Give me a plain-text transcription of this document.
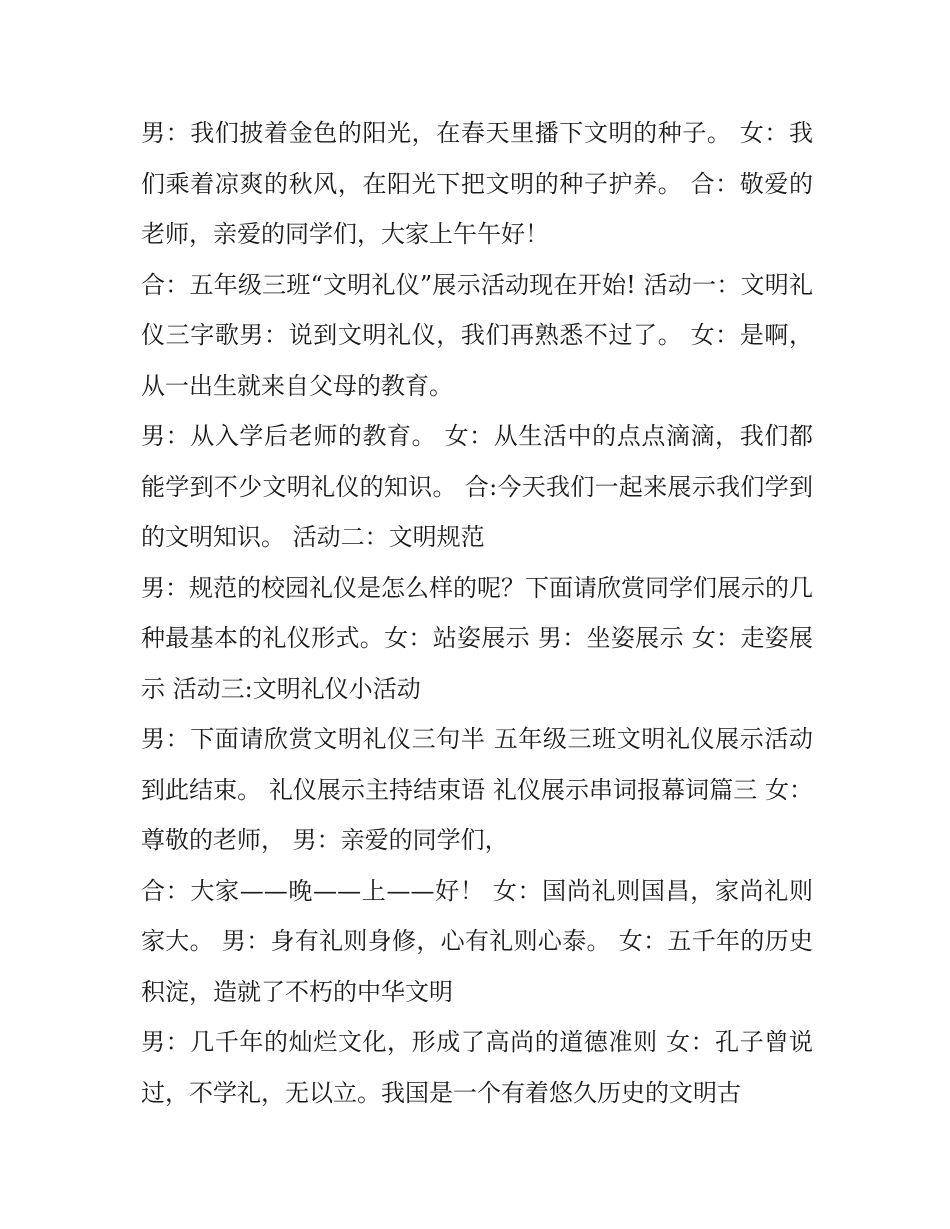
男：我们披着金色的阳光，在春天里播下文明的种子。 女：我们乘着凉爽的秋风，在阳光下把文明的种子护养。 合：敬爱的老师，亲爱的同学们，大家上午午好！

合：五年级三班“文明礼仪”展示活动现在开始! 活动一：文明礼仪三字歌男：说到文明礼仪，我们再熟悉不过了。 女：是啊，从一出生就来自父母的教育。

男：从入学后老师的教育。 女：从生活中的点点滴滴，我们都能学到不少文明礼仪的知识。 合:今天我们一起来展示我们学到的文明知识。 活动二：文明规范

男：规范的校园礼仪是怎么样的呢？下面请欣赏同学们展示的几种最基本的礼仪形式。女：站姿展示 男：坐姿展示 女：走姿展示 活动三:文明礼仪小活动

男：下面请欣赏文明礼仪三句半 五年级三班文明礼仪展示活动到此结束。 礼仪展示主持结束语 礼仪展示串词报幕词篇三 女：尊敬的老师， 男：亲爱的同学们，

合：大家——晚——上——好！ 女：国尚礼则国昌，家尚礼则家大。 男：身有礼则身修，心有礼则心泰。 女：五千年的历史积淀，造就了不朽的中华文明

男：几千年的灿烂文化，形成了高尚的道德准则 女：孔子曾说过，不学礼，无以立。我国是一个有着悠久历史的文明古
